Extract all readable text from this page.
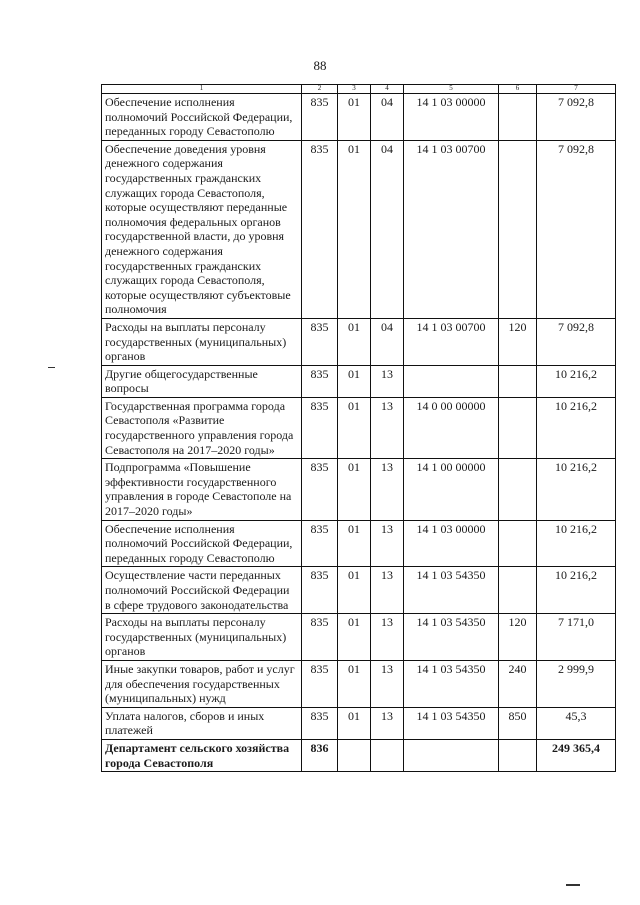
88
1	2	3	4	5	6	7
Обеспечение исполнения полномочий Российской Федерации, переданных городу Севастополю	835	01	04	14 1 03 00000		7 092,8
Обеспечение доведения уровня денежного содержания государственных гражданских служащих города Севастополя, которые осуществляют переданные полномочия федеральных органов государственной власти, до уровня денежного содержания государственных гражданских служащих города Севастополя, которые осуществляют субъектовые полномочия	835	01	04	14 1 03 00700		7 092,8
Расходы на выплаты персоналу государственных (муниципальных) органов	835	01	04	14 1 03 00700	120	7 092,8
Другие общегосударственные вопросы	835	01	13			10 216,2
Государственная программа города Севастополя «Развитие государственного управления города Севастополя на 2017–2020 годы»	835	01	13	14 0 00 00000		10 216,2
Подпрограмма «Повышение эффективности государственного управления в городе Севастополе на 2017–2020 годы»	835	01	13	14 1 00 00000		10 216,2
Обеспечение исполнения полномочий Российской Федерации, переданных городу Севастополю	835	01	13	14 1 03 00000		10 216,2
Осуществление части переданных полномочий Российской Федерации в сфере трудового законодательства	835	01	13	14 1 03 54350		10 216,2
Расходы на выплаты персоналу государственных (муниципальных) органов	835	01	13	14 1 03 54350	120	7 171,0
Иные закупки товаров, работ и услуг для обеспечения государственных (муниципальных) нужд	835	01	13	14 1 03 54350	240	2 999,9
Уплата налогов, сборов и иных платежей	835	01	13	14 1 03 54350	850	45,3
Департамент сельского хозяйства города Севастополя	836					249 365,4
